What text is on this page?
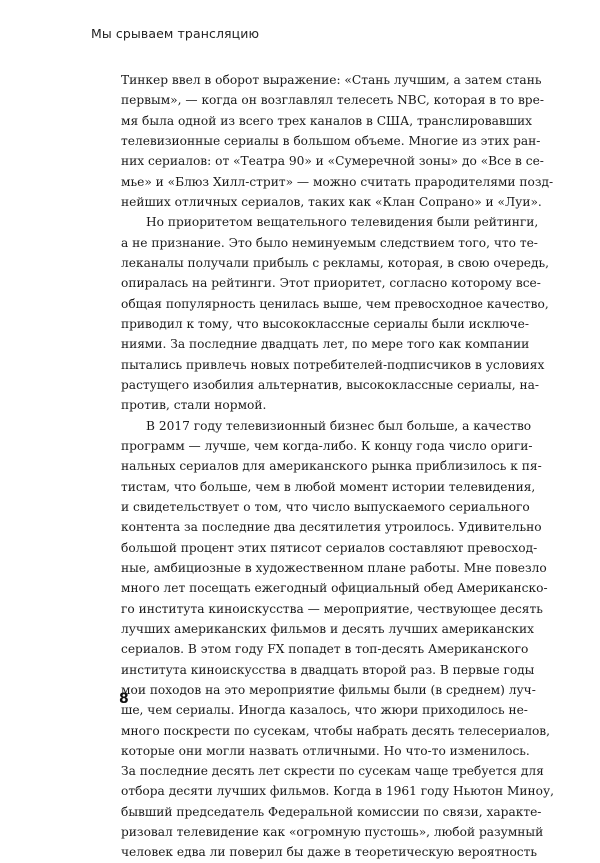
Мы срываем трансляцию
Тинкер ввел в оборот выражение: «Стань лучшим, а затем стань
первым», — когда он возглавлял телесеть NBC, которая в то вре-
мя была одной из всего трех каналов в США, транслировавших
телевизионные сериалы в большом объеме. Многие из этих ран-
них сериалов: от «Театра 90» и «Сумеречной зоны» до «Все в се-
мье» и «Блюз Хилл-стрит» — можно считать прародителями позд-
нейших отличных сериалов, таких как «Клан Сопрано» и «Луи».
Но приоритетом вещательного телевидения были рейтинги,
а не признание. Это было неминуемым следствием того, что те-
леканалы получали прибыль с рекламы, которая, в свою очередь,
опиралась на рейтинги. Этот приоритет, согласно которому все-
общая популярность ценилась выше, чем превосходное качество,
приводил к тому, что высококлассные сериалы были исключе-
ниями. За последние двадцать лет, по мере того как компании
пытались привлечь новых потребителей-подписчиков в условиях
растущего изобилия альтернатив, высококлассные сериалы, на-
против, стали нормой.
В 2017 году телевизионный бизнес был больше, а качество
программ — лучше, чем когда-либо. К концу года число ориги-
нальных сериалов для американского рынка приблизилось к пя-
тистам, что больше, чем в любой момент истории телевидения,
и свидетельствует о том, что число выпускаемого сериального
контента за последние два десятилетия утроилось. Удивительно
большой процент этих пятисот сериалов составляют превосход-
ные, амбициозные в художественном плане работы. Мне повезло
много лет посещать ежегодный официальный обед Американско-
го института киноискусства — мероприятие, чествующее десять
лучших американских фильмов и десять лучших американских
сериалов. В этом году FX попадет в топ-десять Американского
института киноискусства в двадцать второй раз. В первые годы
мои походов на это мероприятие фильмы были (в среднем) луч-
ше, чем сериалы. Иногда казалось, что жюри приходилось не-
много поскрести по сусекам, чтобы набрать десять телесериалов,
которые они могли назвать отличными. Но что-то изменилось.
За последние десять лет скрести по сусекам чаще требуется для
отбора десяти лучших фильмов. Когда в 1961 году Ньютон Миноу,
бывший председатель Федеральной комиссии по связи, характе-
ризовал телевидение как «огромную пустошь», любой разумный
человек едва ли поверил бы даже в теоретическую вероятность
8
